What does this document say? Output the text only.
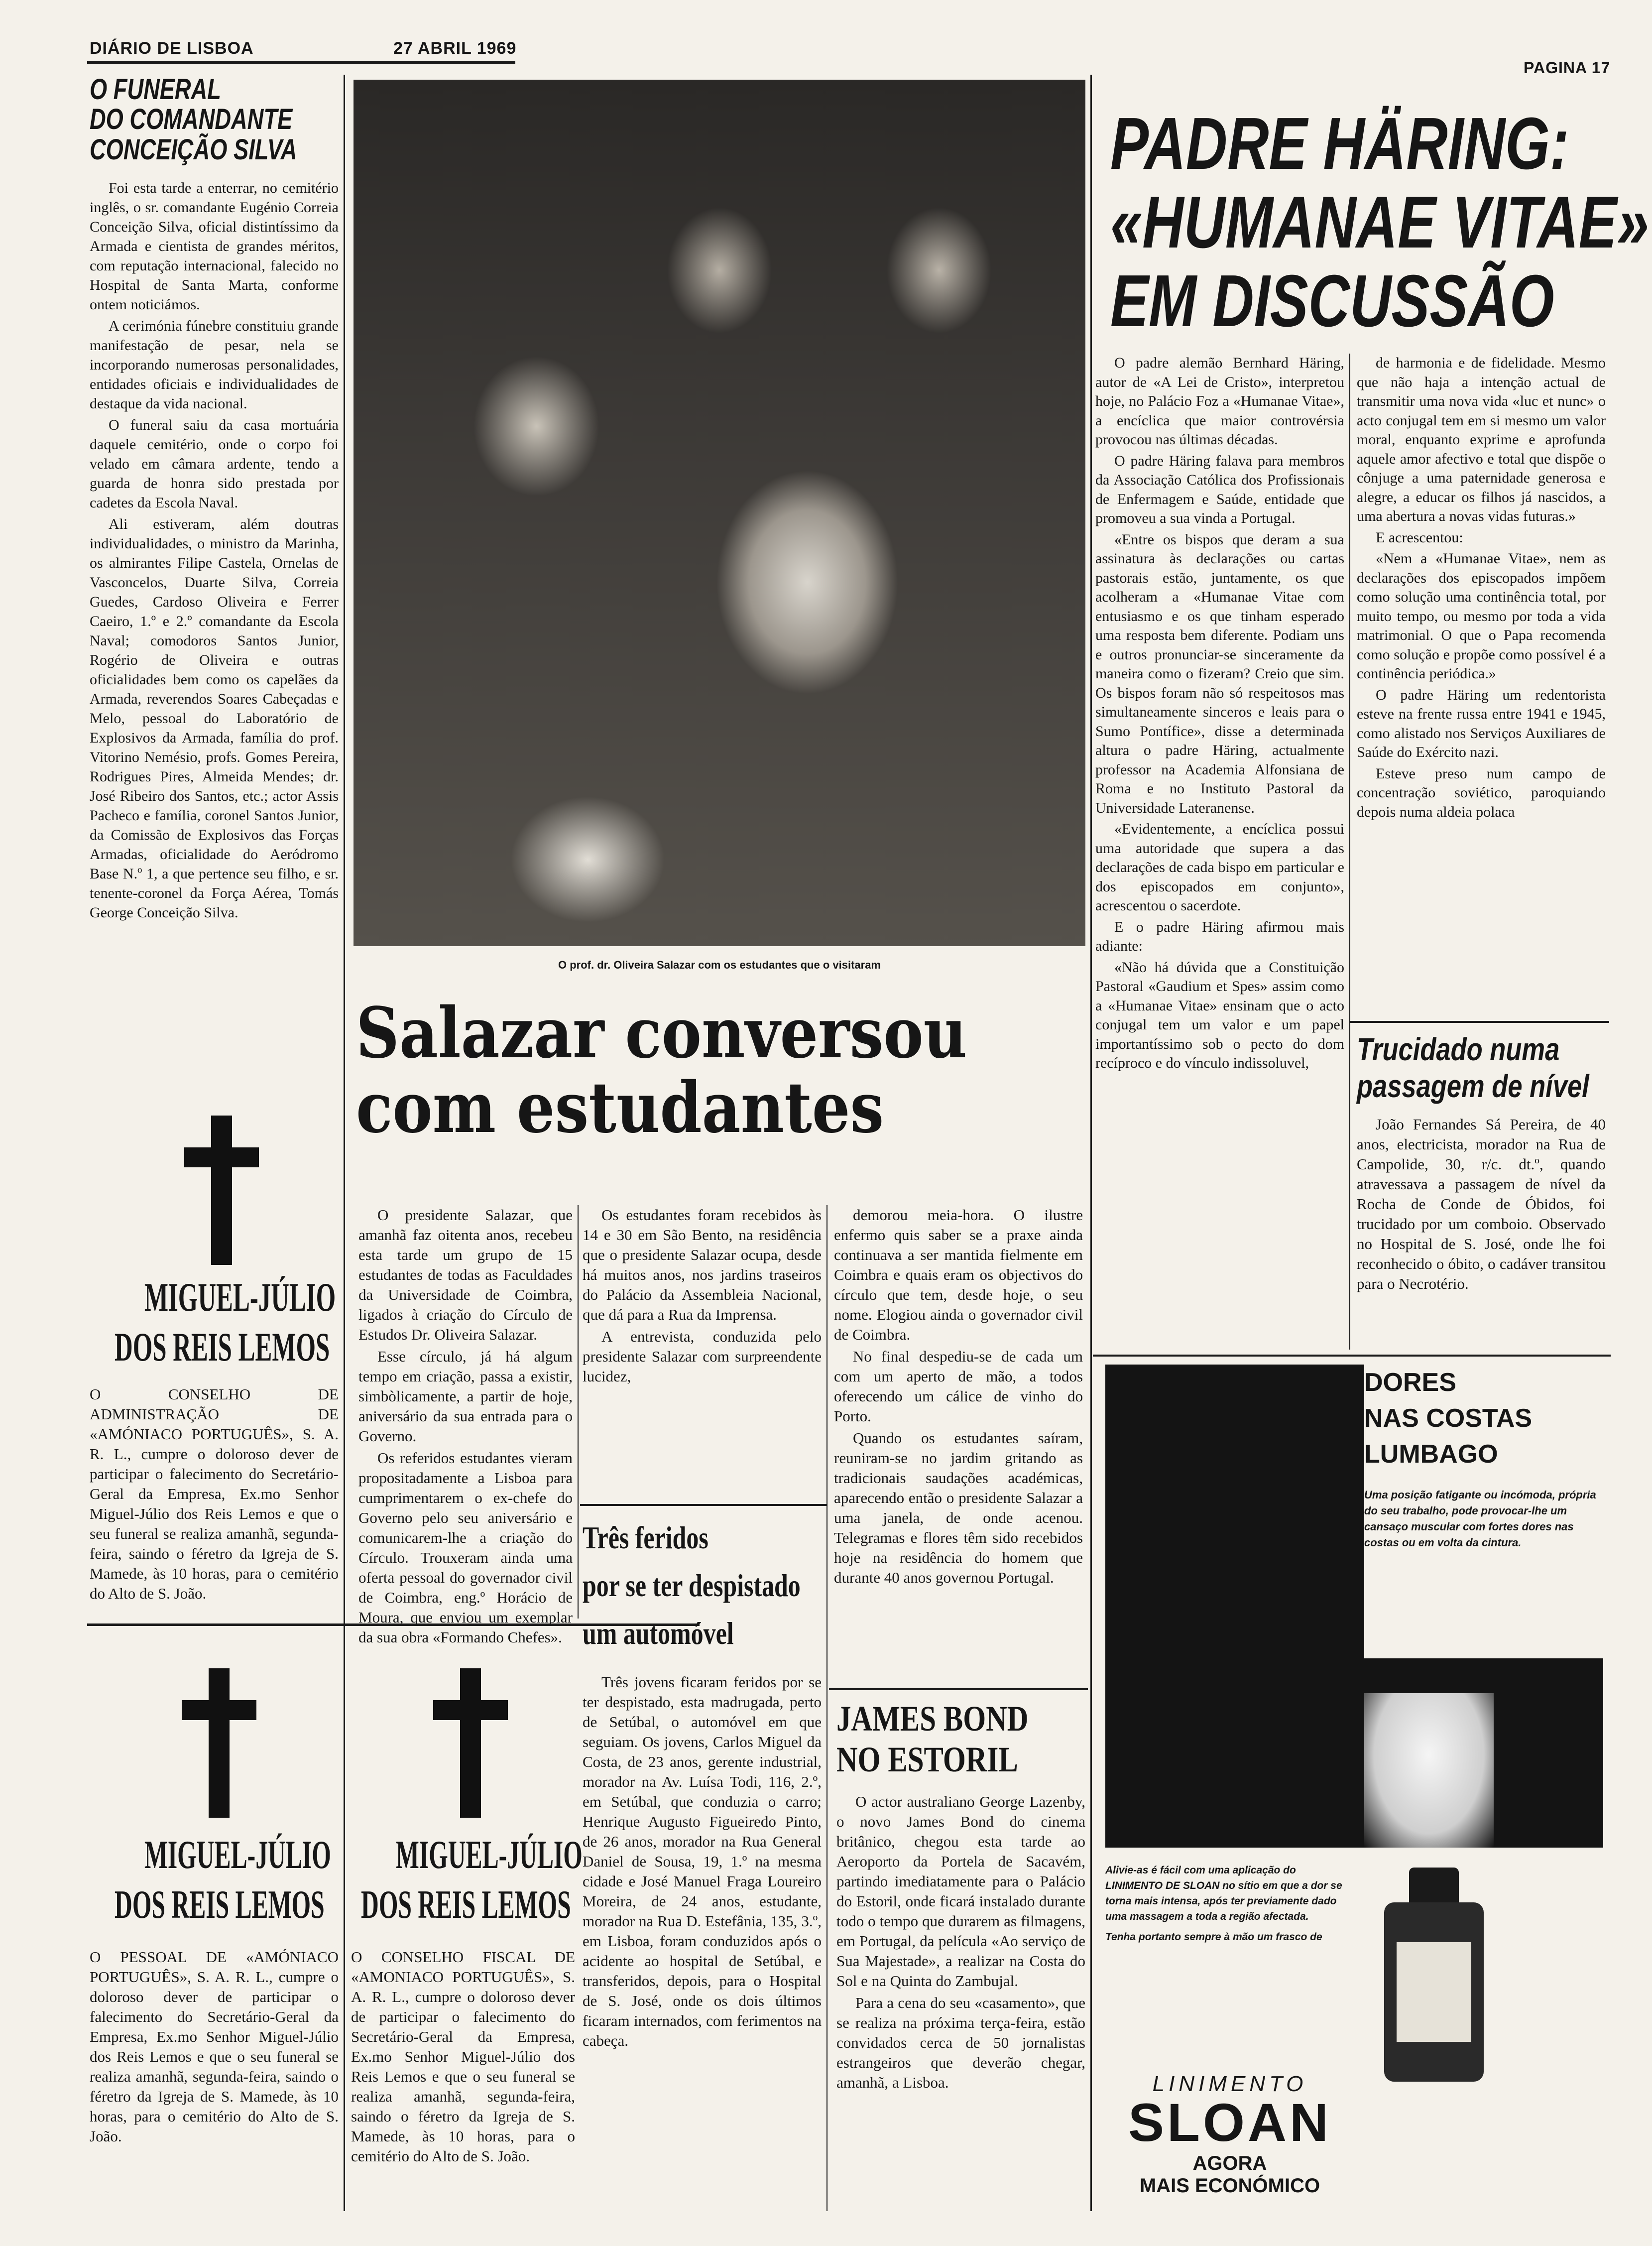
DIÁRIO DE LISBOA	27 ABRIL 1969
PAGINA 17
O FUNERAL
DO COMANDANTE
CONCEIÇÃO SILVA

Foi esta tarde a enterrar, no cemitério inglês, o sr. comandante Eugénio Correia Conceição Silva, oficial distintíssimo da Armada e cientista de grandes méritos, com reputação internacional, falecido no Hospital de Santa Marta, conforme ontem noticiámos.

A cerimónia fúnebre constituiu grande manifestação de pesar, nela se incorporando numerosas personalidades, entidades oficiais e individualidades de destaque da vida nacional.

O funeral saiu da casa mortuária daquele cemitério, onde o corpo foi velado em câmara ardente, tendo a guarda de honra sido prestada por cadetes da Escola Naval.

Ali estiveram, além doutras individualidades, o ministro da Marinha, os almirantes Filipe Castela, Ornelas de Vasconcelos, Duarte Silva, Correia Guedes, Cardoso Oliveira e Ferrer Caeiro, 1.º e 2.º comandante da Escola Naval; comodoros Santos Junior, Rogério de Oliveira e outras oficialidades bem como os capelães da Armada, reverendos Soares Cabeçadas e Melo, pessoal do Laboratório de Explosivos da Armada, família do prof. Vitorino Nemésio, profs. Gomes Pereira, Rodrigues Pires, Almeida Mendes; dr. José Ribeiro dos Santos, etc.; actor Assis Pacheco e família, coronel Santos Junior, da Comissão de Explosivos das Forças Armadas, oficialidade do Aeródromo Base N.º 1, a que pertence seu filho, e sr. tenente-coronel da Força Aérea, Tomás George Conceição Silva.

MIGUEL-JÚLIO
DOS REIS LEMOS
O CONSELHO DE ADMINISTRAÇÃO DE «AMÓNIACO PORTUGUÊS», S. A. R. L., cumpre o doloroso dever de participar o falecimento do Secretário-Geral da Empresa, Ex.mo Senhor Miguel-Júlio dos Reis Lemos e que o seu funeral se realiza amanhã, segunda-feira, saindo o féretro da Igreja de S. Mamede, às 10 horas, para o cemitério do Alto de S. João.
MIGUEL-JÚLIO
DOS REIS LEMOS
O PESSOAL DE «AMÓNIACO PORTUGUÊS», S. A. R. L., cumpre o doloroso dever de participar o falecimento do Secretário-Geral da Empresa, Ex.mo Senhor Miguel-Júlio dos Reis Lemos e que o seu funeral se realiza amanhã, segunda-feira, saindo o féretro da Igreja de S. Mamede, às 10 horas, para o cemitério do Alto de S. João.
MIGUEL-JÚLIO
DOS REIS LEMOS
O CONSELHO FISCAL DE «AMONIACO PORTUGUÊS», S. A. R. L., cumpre o doloroso dever de participar o falecimento do Secretário-Geral da Empresa, Ex.mo Senhor Miguel-Júlio dos Reis Lemos e que o seu funeral se realiza amanhã, segunda-feira, saindo o féretro da Igreja de S. Mamede, às 10 horas, para o cemitério do Alto de S. João.
O prof. dr. Oliveira Salazar com os estudantes que o visitaram
Salazar conversou
com estudantes

O presidente Salazar, que amanhã faz oitenta anos, recebeu esta tarde um grupo de 15 estudantes de todas as Faculdades da Universidade de Coimbra, ligados à criação do Círculo de Estudos Dr. Oliveira Salazar.

Esse círculo, já há algum tempo em criação, passa a existir, simbòlicamente, a partir de hoje, aniversário da sua entrada para o Governo.

Os referidos estudantes vieram propositadamente a Lisboa para cumprimentarem o ex-chefe do Governo pelo seu aniversário e comunicarem-lhe a criação do Círculo. Trouxeram ainda uma oferta pessoal do governador civil de Coimbra, eng.º Horácio de Moura, que enviou um exemplar da sua obra «Formando Chefes».

Os estudantes foram recebidos às 14 e 30 em São Bento, na residência que o presidente Salazar ocupa, desde há muitos anos, nos jardins traseiros do Palácio da Assembleia Nacional, que dá para a Rua da Imprensa.

A entrevista, conduzida pelo presidente Salazar com surpreendente lucidez,

Três feridos
por se ter despistado
um automóvel
Três jovens ficaram feridos por se ter despistado, esta madrugada, perto de Setúbal, o automóvel em que seguiam. Os jovens, Carlos Miguel da Costa, de 23 anos, gerente industrial, morador na Av. Luísa Todi, 116, 2.º, em Setúbal, que conduzia o carro; Henrique Augusto Figueiredo Pinto, de 26 anos, morador na Rua General Daniel de Sousa, 19, 1.º na mesma cidade e José Manuel Fraga Loureiro Moreira, de 24 anos, estudante, morador na Rua D. Estefânia, 135, 3.º, em Lisboa, foram conduzidos após o acidente ao hospital de Setúbal, e transferidos, depois, para o Hospital de S. José, onde os dois últimos ficaram internados, com ferimentos na cabeça.

demorou meia-hora. O ilustre enfermo quis saber se a praxe ainda continuava a ser mantida fielmente em Coimbra e quais eram os objectivos do círculo que tem, desde hoje, o seu nome. Elogiou ainda o governador civil de Coimbra.

No final despediu-se de cada um com um aperto de mão, a todos oferecendo um cálice de vinho do Porto.

Quando os estudantes saíram, reuniram-se no jardim gritando as tradicionais saudações académicas, aparecendo então o presidente Salazar a uma janela, de onde acenou. Telegramas e flores têm sido recebidos hoje na residência do homem que durante 40 anos governou Portugal.

JAMES BOND
NO ESTORIL

O actor australiano George Lazenby, o novo James Bond do cinema britânico, chegou esta tarde ao Aeroporto da Portela de Sacavém, partindo imediatamente para o Palácio do Estoril, onde ficará instalado durante todo o tempo que durarem as filmagens, em Portugal, da película «Ao serviço de Sua Majestade», a realizar na Costa do Sol e na Quinta do Zambujal.

Para a cena do seu «casamento», que se realiza na próxima terça-feira, estão convidados cerca de 50 jornalistas estrangeiros que deverão chegar, amanhã, a Lisboa.

PADRE HÄRING:
«HUMANAE VITAE»
EM DISCUSSÃO

O padre alemão Bernhard Häring, autor de «A Lei de Cristo», interpretou hoje, no Palácio Foz a «Humanae Vitae», a encíclica que maior controvérsia provocou nas últimas décadas.

O padre Häring falava para membros da Associação Católica dos Profissionais de Enfermagem e Saúde, entidade que promoveu a sua vinda a Portugal.

«Entre os bispos que deram a sua assinatura às declarações ou cartas pastorais estão, juntamente, os que acolheram a «Humanae Vitae com entusiasmo e os que tinham esperado uma resposta bem diferente. Podiam uns e outros pronunciar-se sinceramente da maneira como o fizeram? Creio que sim. Os bispos foram não só respeitosos mas simultaneamente sinceros e leais para o Sumo Pontífice», disse a determinada altura o padre Häring, actualmente professor na Academia Alfonsiana de Roma e no Instituto Pastoral da Universidade Lateranense.

«Evidentemente, a encíclica possui uma autoridade que supera a das declarações de cada bispo em particular e dos episcopados em conjunto», acrescentou o sacerdote.

E o padre Häring afirmou mais adiante:

«Não há dúvida que a Constituição Pastoral «Gaudium et Spes» assim como a «Humanae Vitae» ensinam que o acto conjugal tem um valor e um papel importantíssimo sob o pecto do dom recíproco e do vínculo indissoluvel,

de harmonia e de fidelidade. Mesmo que não haja a intenção actual de transmitir uma nova vida «luc et nunc» o acto conjugal tem em si mesmo um valor moral, enquanto exprime e aprofunda aquele amor afectivo e total que dispõe o cônjuge a uma paternidade generosa e alegre, a educar os filhos já nascidos, a uma abertura a novas vidas futuras.»

E acrescentou:

«Nem a «Humanae Vitae», nem as declarações dos episcopados impõem como solução uma continência total, por muito tempo, ou mesmo por toda a vida matrimonial. O que o Papa recomenda como solução e propõe como possível é a continência periódica.»

O padre Häring um redentorista esteve na frente russa entre 1941 e 1945, como alistado nos Serviços Auxiliares de Saúde do Exército nazi.

Esteve preso num campo de concentração soviético, paroquiando depois numa aldeia polaca

Trucidado numa
passagem de nível
João Fernandes Sá Pereira, de 40 anos, electricista, morador na Rua de Campolide, 30, r/c. dt.º, quando atravessava a passagem de nível da Rocha de Conde de Óbidos, foi trucidado por um comboio. Observado no Hospital de S. José, onde lhe foi reconhecido o óbito, o cadáver transitou para o Necrotério.
DORES
NAS COSTAS
LUMBAGO
Uma posição fatigante ou incómoda, própria do seu trabalho, pode provocar-lhe um cansaço muscular com fortes dores nas costas ou em volta da cintura.
Alivie-as é fácil com uma aplicação do LINIMENTO DE SLOAN no sítio em que a dor se torna mais intensa, após ter previamente dado uma massagem a toda a região afectada.
Tenha portanto sempre à mão um frasco de
LINIMENTO
SLOAN
AGORA
MAIS ECONÓMICO
